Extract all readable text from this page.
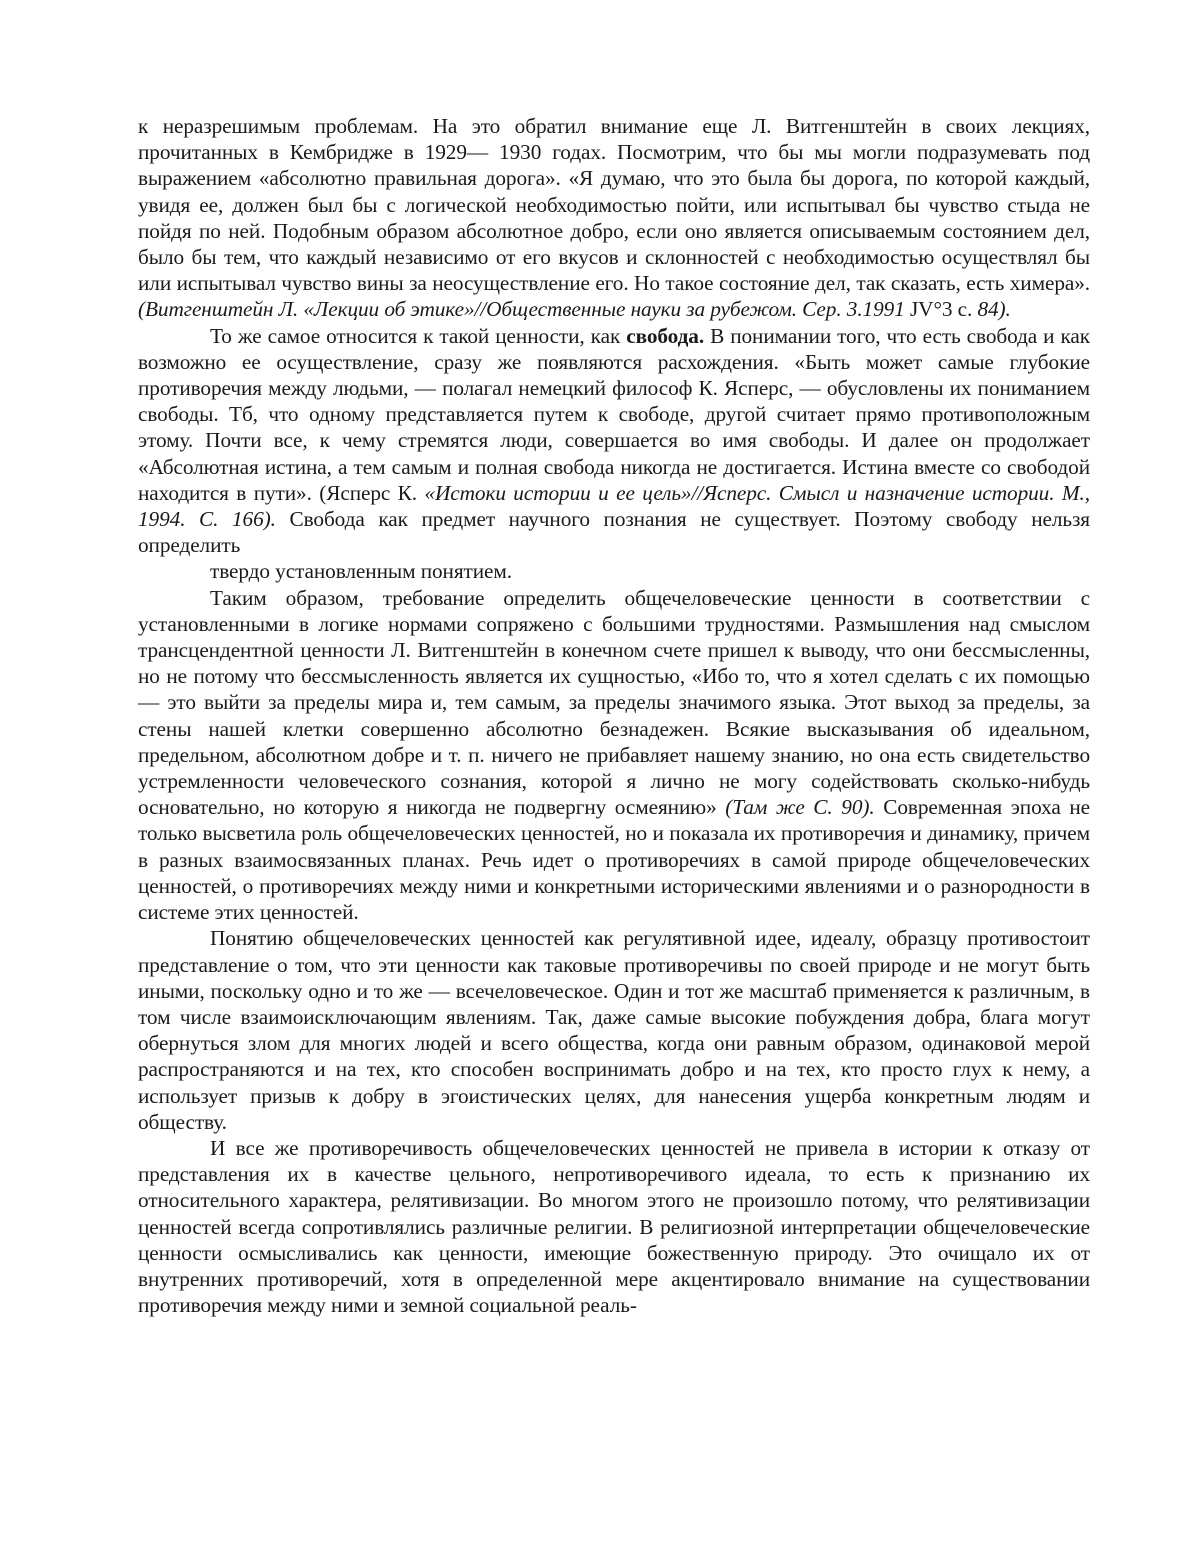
к неразрешимым проблемам. На это обратил внимание еще Л. Витгенштейн в своих лекциях, прочитанных в Кембридже в 1929— 1930 годах. Посмотрим, что бы мы могли подразумевать под выражением «абсолютно правильная дорога». «Я думаю, что это была бы дорога, по которой каждый, увидя ее, должен был бы с логической необходимостью пойти, или испытывал бы чувство стыда не пойдя по ней. Подобным образом абсолютное добро, если оно является описываемым состоянием дел, было бы тем, что каждый независимо от его вкусов и склонностей с необходимостью осуществлял бы или испытывал чувство вины за неосуществление его. Но такое состояние дел, так сказать, есть химера». (Витгенштейн Л. «Лекции об этике»//Общественные науки за рубежом. Сер. 3.1991 JV°3 с. 84).

То же самое относится к такой ценности, как свобода. В понимании того, что есть свобода и как возможно ее осуществление, сразу же появляются расхождения. «Быть может самые глубокие противоречия между людьми, — полагал немецкий философ К. Ясперс, — обусловлены их пониманием свободы. Тб, что одному представляется путем к свободе, другой считает прямо противоположным этому. Почти все, к чему стремятся люди, совершается во имя свободы. И далее он продолжает «Абсолютная истина, а тем самым и полная свобода никогда не достигается. Истина вместе со свободой находится в пути». (Ясперс К. «Истоки истории и ее цель»//Ясперс. Смысл и назначение истории. М., 1994. С. 166). Свобода как предмет научного познания не существует. Поэтому свободу нельзя определить

твердо установленным понятием.

Таким образом, требование определить общечеловеческие ценности в соответствии с установленными в логике нормами сопряжено с большими трудностями. Размышления над смыслом трансцендентной ценности Л. Витгенштейн в конечном счете пришел к выводу, что они бессмысленны, но не потому что бессмысленность является их сущностью, «Ибо то, что я хотел сделать с их помощью — это выйти за пределы мира и, тем самым, за пределы значимого языка. Этот выход за пределы, за стены нашей клетки совершенно абсолютно безнадежен. Всякие высказывания об идеальном, предельном, абсолютном добре и т. п. ничего не прибавляет нашему знанию, но она есть свидетельство устремленности человеческого сознания, которой я лично не могу содействовать сколько-нибудь основательно, но которую я никогда не подвергну осмеянию» (Там же С. 90). Современная эпоха не только высветила роль общечеловеческих ценностей, но и показала их противоречия и динамику, причем в разных взаимосвязанных планах. Речь идет о противоречиях в самой природе общечеловеческих ценностей, о противоречиях между ними и конкретными историческими явлениями и о разнородности в системе этих ценностей.

Понятию общечеловеческих ценностей как регулятивной идее, идеалу, образцу противостоит представление о том, что эти ценности как таковые противоречивы по своей природе и не могут быть иными, поскольку одно и то же — всечеловеческое. Один и тот же масштаб применяется к различным, в том числе взаимоисключающим явлениям. Так, даже самые высокие побуждения добра, блага могут обернуться злом для многих людей и всего общества, когда они равным образом, одинаковой мерой распространяются и на тех, кто способен воспринимать добро и на тех, кто просто глух к нему, а использует призыв к добру в эгоистических целях, для нанесения ущерба конкретным людям и обществу.

И все же противоречивость общечеловеческих ценностей не привела в истории к отказу от представления их в качестве цельного, непротиворечивого идеала, то есть к признанию их относительного характера, релятивизации. Во многом этого не произошло потому, что релятивизации ценностей всегда сопротивлялись различные религии. В религиозной интерпретации общечеловеческие ценности осмысливались как ценности, имеющие божественную природу. Это очищало их от внутренних противоречий, хотя в определенной мере акцентировало внимание на существовании противоречия между ними и земной социальной реаль-
